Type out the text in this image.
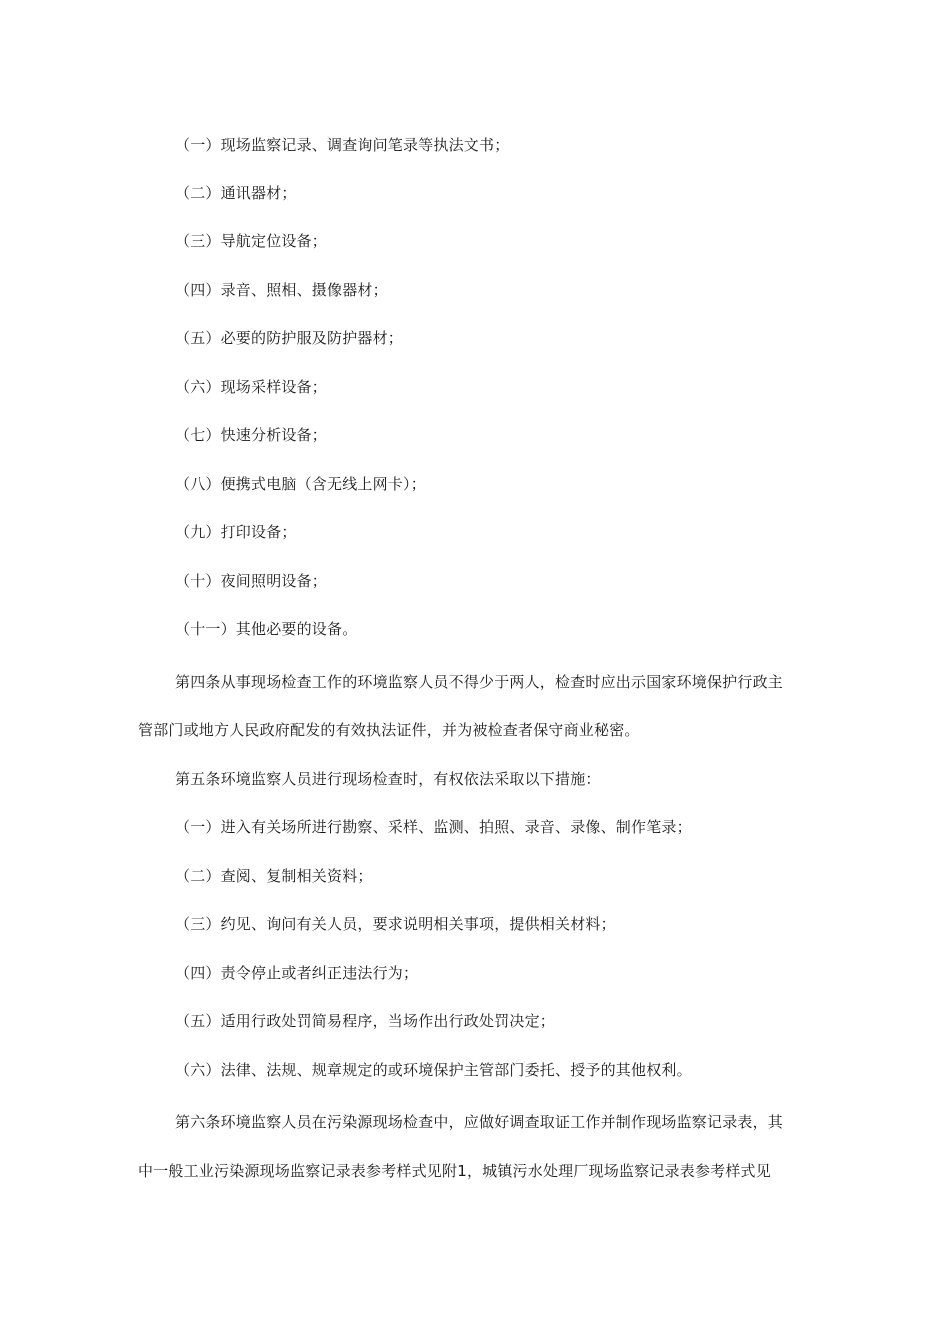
（一）现场监察记录、调查询问笔录等执法文书；
（二）通讯器材；
（三）导航定位设备；
（四）录音、照相、摄像器材；
（五）必要的防护服及防护器材；
（六）现场采样设备；
（七）快速分析设备；
（八）便携式电脑（含无线上网卡）；
（九）打印设备；
（十）夜间照明设备；
（十一）其他必要的设备。
第四条从事现场检查工作的环境监察人员不得少于两人，检查时应出示国家环境保护行政主
管部门或地方人民政府配发的有效执法证件，并为被检查者保守商业秘密。
第五条环境监察人员进行现场检查时，有权依法采取以下措施：
（一）进入有关场所进行勘察、采样、监测、拍照、录音、录像、制作笔录；
（二）查阅、复制相关资料；
（三）约见、询问有关人员，要求说明相关事项，提供相关材料；
（四）责令停止或者纠正违法行为；
（五）适用行政处罚简易程序，当场作出行政处罚决定；
（六）法律、法规、规章规定的或环境保护主管部门委托、授予的其他权利。
第六条环境监察人员在污染源现场检查中，应做好调查取证工作并制作现场监察记录表，其
中一般工业污染源现场监察记录表参考样式见附1，城镇污水处理厂现场监察记录表参考样式见
